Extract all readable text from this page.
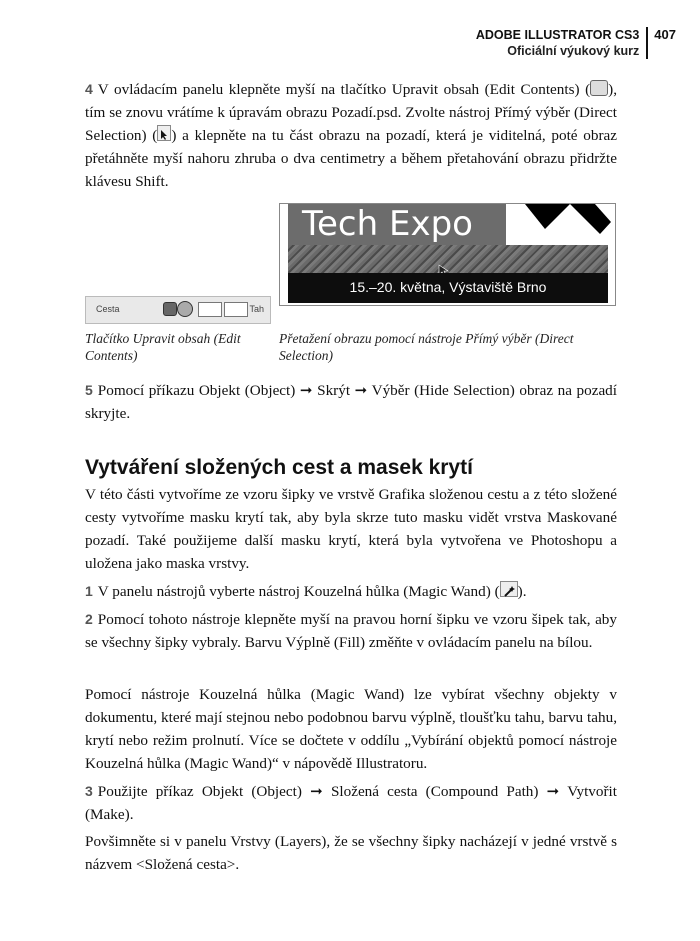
ADOBE ILLUSTRATOR CS3
Oficiální výukový kurz
407

4 V ovládacím panelu klepněte myší na tlačítko Upravit obsah (Edit Contents) ( ), tím se znovu vrátíme k úpravám obrazu Pozadí.psd. Zvolte nástroj Přímý výběr (Direct Selection) ( ) a klepněte na tu část obrazu na pozadí, která je viditelná, poté obraz přetáhněte myší nahoru zhruba o dva centimetry a během přetahování obrazu přidržte klávesu Shift.

Cesta	Tah
Tech Expo
15.–20. května, Výstaviště Brno
Tlačítko Upravit obsah (Edit Contents)
Přetažení obrazu pomocí nástroje Přímý výběr (Direct Selection)

5 Pomocí příkazu Objekt (Object) ➞ Skrýt ➞ Výběr (Hide Selection) obraz na pozadí skryjte.

Vytváření složených cest a masek krytí

V této části vytvoříme ze vzoru šipky ve vrstvě Grafika složenou cestu a z této složené cesty vytvoříme masku krytí tak, aby byla skrze tuto masku vidět vrstva Maskované pozadí. Také použijeme další masku krytí, která byla vytvořena ve Photoshopu a uložena jako maska vrstvy.

1 V panelu nástrojů vyberte nástroj Kouzelná hůlka (Magic Wand) ( ).

2 Pomocí tohoto nástroje klepněte myší na pravou horní šipku ve vzoru šipek tak, aby se všechny šipky vybraly. Barvu Výplně (Fill) změňte v ovládacím panelu na bílou.

Pomocí nástroje Kouzelná hůlka (Magic Wand) lze vybírat všechny objekty v dokumentu, které mají stejnou nebo podobnou barvu výplně, tloušťku tahu, barvu tahu, krytí nebo režim prolnutí. Více se dočtete v oddílu „Vybírání objektů pomocí nástroje Kouzelná hůlka (Magic Wand)“ v nápovědě Illustratoru.

3 Použijte příkaz Objekt (Object) ➞ Složená cesta (Compound Path) ➞ Vytvořit (Make).

Povšimněte si v panelu Vrstvy (Layers), že se všechny šipky nacházejí v jedné vrstvě s názvem <Složená cesta>.
